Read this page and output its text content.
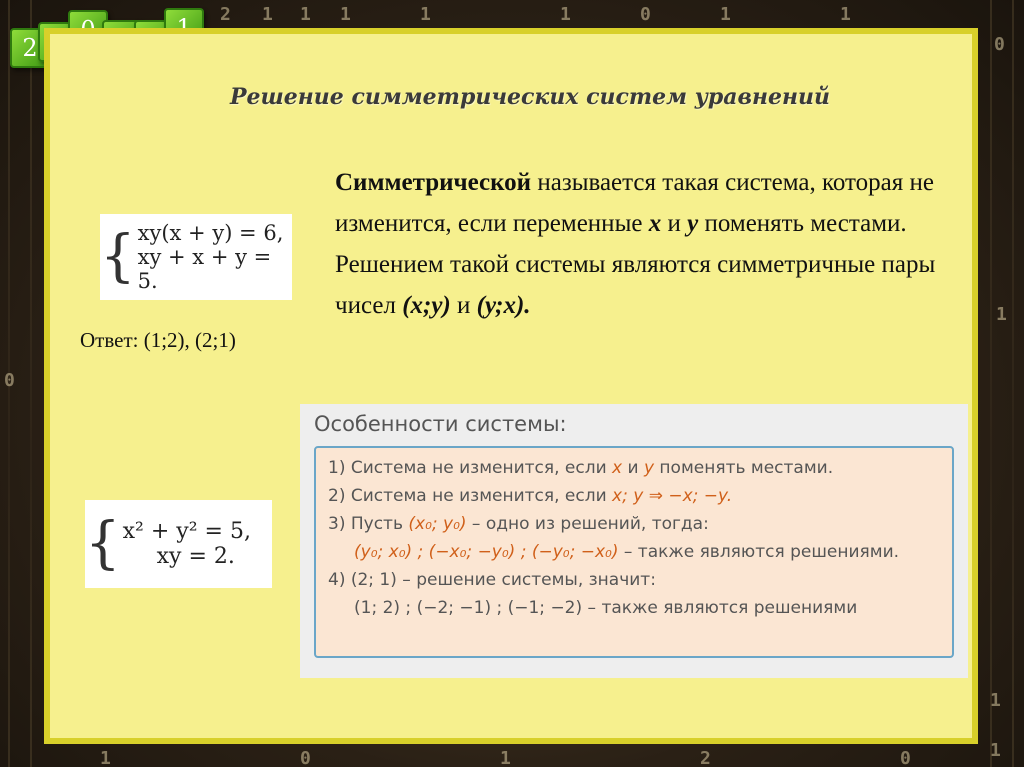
2 1 1 1	1	1	0	1	1
0
1
0
1
1
1	0	1	2	0
2
Решение симметрических систем уравнений
{ xy(x + y) = 6,
xy + x + y = 5.
Ответ: (1;2), (2;1)
Симметрической называется такая система, которая не изменится, если переменные х и у поменять местами. Решением такой системы являются симметричные пары чисел (х;у) и (у;х).
Особенности системы:
1) Система не изменится, если x и y поменять местами.
2) Система не изменится, если x; y ⇒ −x; −y.
3) Пусть (x₀; y₀) – одно из решений, тогда:
(y₀; x₀) ; (−x₀; −y₀) ; (−y₀; −x₀) – также являются решениями.
4) (2; 1) – решение системы, значит:
(1; 2) ; (−2; −1) ; (−1; −2) – также являются решениями
{ x² + y² = 5,
xy = 2.
